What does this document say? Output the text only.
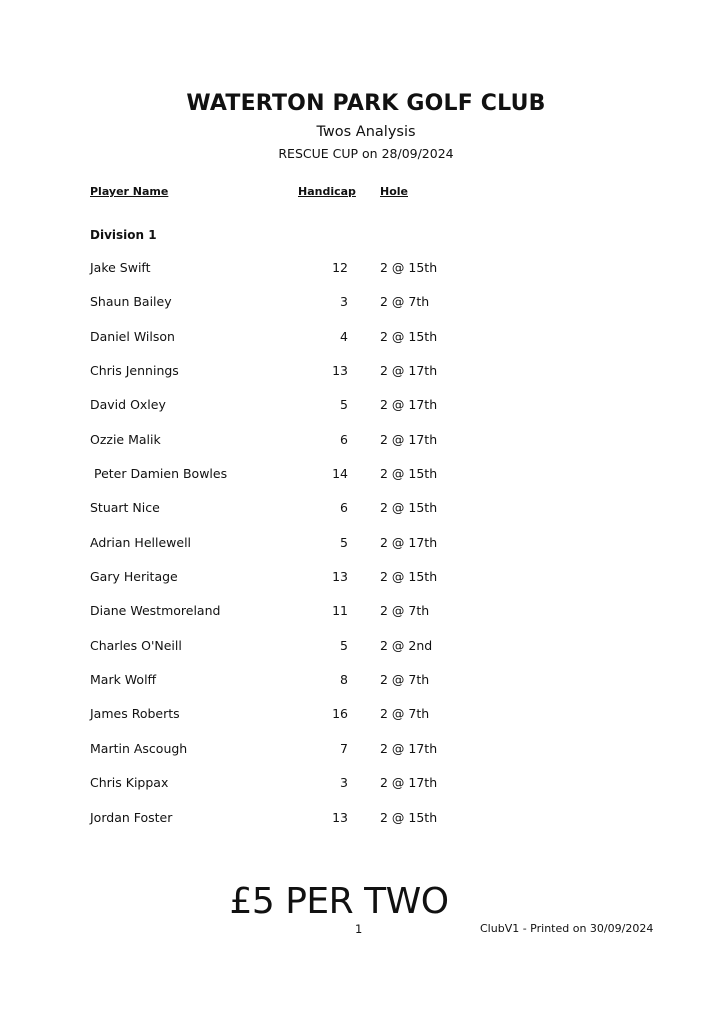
WATERTON PARK GOLF CLUB
Twos Analysis
RESCUE CUP on 28/09/2024
Player Name	Handicap Hole
Division 1
Jake Swift	12	2 @ 15th
Shaun Bailey	3	2 @ 7th
Daniel Wilson	4	2 @ 15th
Chris Jennings	13	2 @ 17th
David Oxley	5	2 @ 17th
Ozzie Malik	6	2 @ 17th
Peter Damien Bowles	14	2 @ 15th
Stuart Nice	6	2 @ 15th
Adrian Hellewell	5	2 @ 17th
Gary Heritage	13	2 @ 15th
Diane Westmoreland	11	2 @ 7th
Charles O'Neill	5	2 @ 2nd
Mark Wolff	8	2 @ 7th
James Roberts	16	2 @ 7th
Martin Ascough	7	2 @ 17th
Chris Kippax	3	2 @ 17th
Jordan Foster	13	2 @ 15th
£5 PER TWO
1	ClubV1 - Printed on 30/09/2024
